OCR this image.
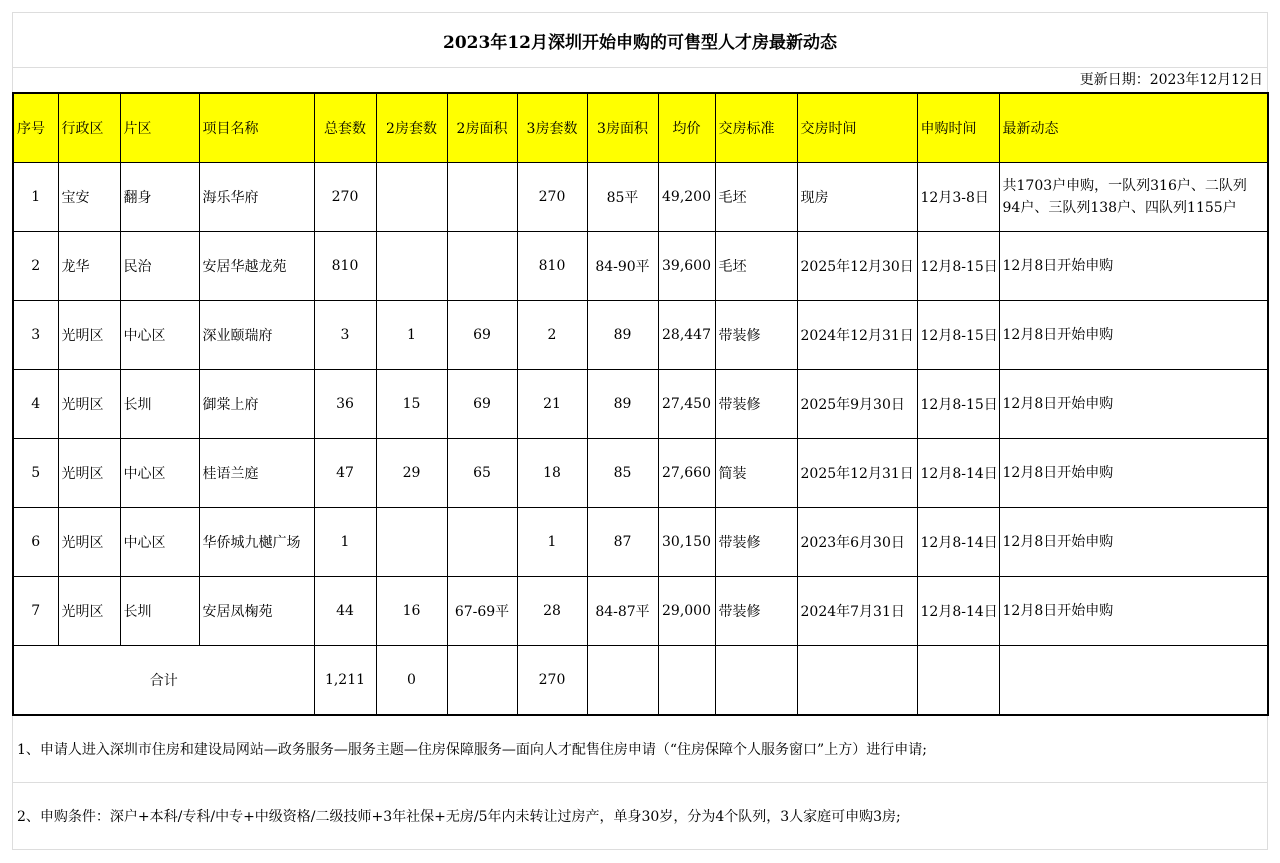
2023年12月深圳开始申购的可售型人才房最新动态
更新日期：2023年12月12日
序号	行政区	片区	项目名称	总套数	2房套数	2房面积	3房套数	3房面积	均价	交房标准	交房时间	申购时间	最新动态
1	宝安	翻身	海乐华府	270			270	85平	49,200	毛坯	现房	12月3-8日	共1703户申购，一队列316户、二队列94户、三队列138户、四队列1155户
2	龙华	民治	安居华越龙苑	810			810	84-90平	39,600	毛坯	2025年12月30日	12月8-15日	12月8日开始申购
3	光明区	中心区	深业颐瑞府	3	1	69	2	89	28,447	带装修	2024年12月31日	12月8-15日	12月8日开始申购
4	光明区	长圳	御棠上府	36	15	69	21	89	27,450	带装修	2025年9月30日	12月8-15日	12月8日开始申购
5	光明区	中心区	桂语兰庭	47	29	65	18	85	27,660	简装	2025年12月31日	12月8-14日	12月8日开始申购
6	光明区	中心区	华侨城九樾广场	1			1	87	30,150	带装修	2023年6月30日	12月8-14日	12月8日开始申购
7	光明区	长圳	安居凤椈苑	44	16	67-69平	28	84-87平	29,000	带装修	2024年7月31日	12月8-14日	12月8日开始申购
合计				1,211	0		270						
1、申请人进入深圳市住房和建设局网站—政务服务—服务主题—住房保障服务—面向人才配售住房申请（“住房保障个人服务窗口”上方）进行申请;
2、申购条件：深户+本科/专科/中专+中级资格/二级技师+3年社保+无房/5年内未转让过房产，单身30岁，分为4个队列，3人家庭可申购3房;
